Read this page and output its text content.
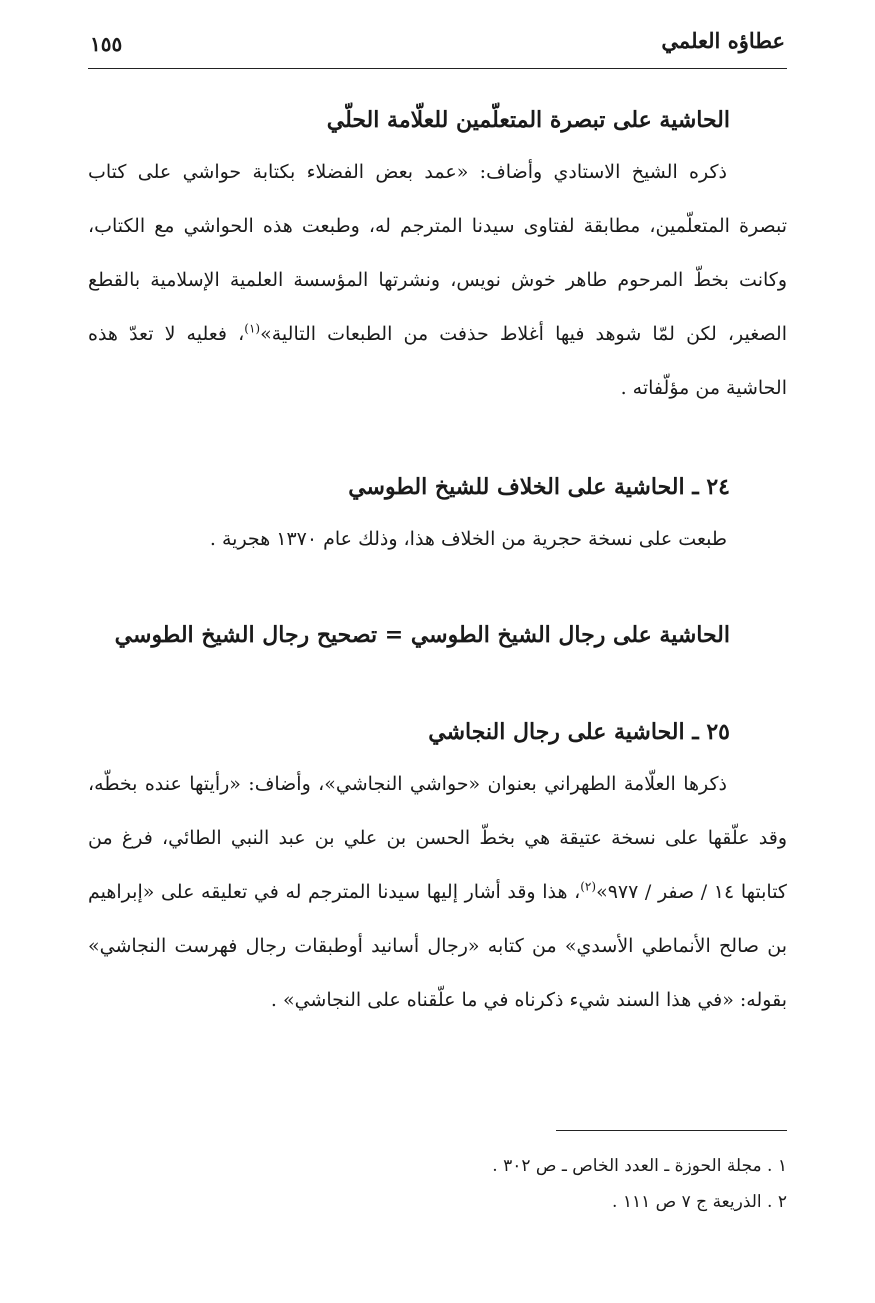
عطاؤه العلمي
١٥٥
الحاشية على تبصرة المتعلّمين للعلّامة الحلّي

ذكره الشيخ الاستادي وأضاف: «عمد بعض الفضلاء بكتابة حواشي على كتاب تبصرة المتعلّمين، مطابقة لفتاوى سيدنا المترجم له، وطبعت هذه الحواشي مع الكتاب، وكانت بخطّ المرحوم طاهر خوش نويس، ونشرتها المؤسسة العلمية الإسلامية بالقطع الصغير، لكن لمّا شوهد فيها أغلاط حذفت من الطبعات التالية»$^{(١)}$، فعليه لا تعدّ هذه الحاشية من مؤلّفاته .

٢٤ ـ الحاشية على الخلاف للشيخ الطوسي

طبعت على نسخة حجرية من الخلاف هذا، وذلك عام ١٣٧٠ هجرية .

الحاشية على رجال الشيخ الطوسي = تصحيح رجال الشيخ الطوسي
٢٥ ـ الحاشية على رجال النجاشي

ذكرها العلّامة الطهراني بعنوان «حواشي النجاشي»، وأضاف: «رأيتها عنده بخطّه، وقد علّقها على نسخة عتيقة هي بخطّ الحسن بن علي بن عبد النبي الطائي، فرغ من كتابتها ١٤ / صفر / ٩٧٧»$^{(٢)}$، هذا وقد أشار إليها سيدنا المترجم له في تعليقه على «إبراهيم بن صالح الأنماطي الأسدي» من كتابه «رجال أسانيد أوطبقات رجال فهرست النجاشي» بقوله: «في هذا السند شيء ذكرناه في ما علّقناه على النجاشي» .

١ . مجلة الحوزة ـ العدد الخاص ـ ص ٣٠٢ .

٢ . الذريعة ج ٧ ص ١١١ .
